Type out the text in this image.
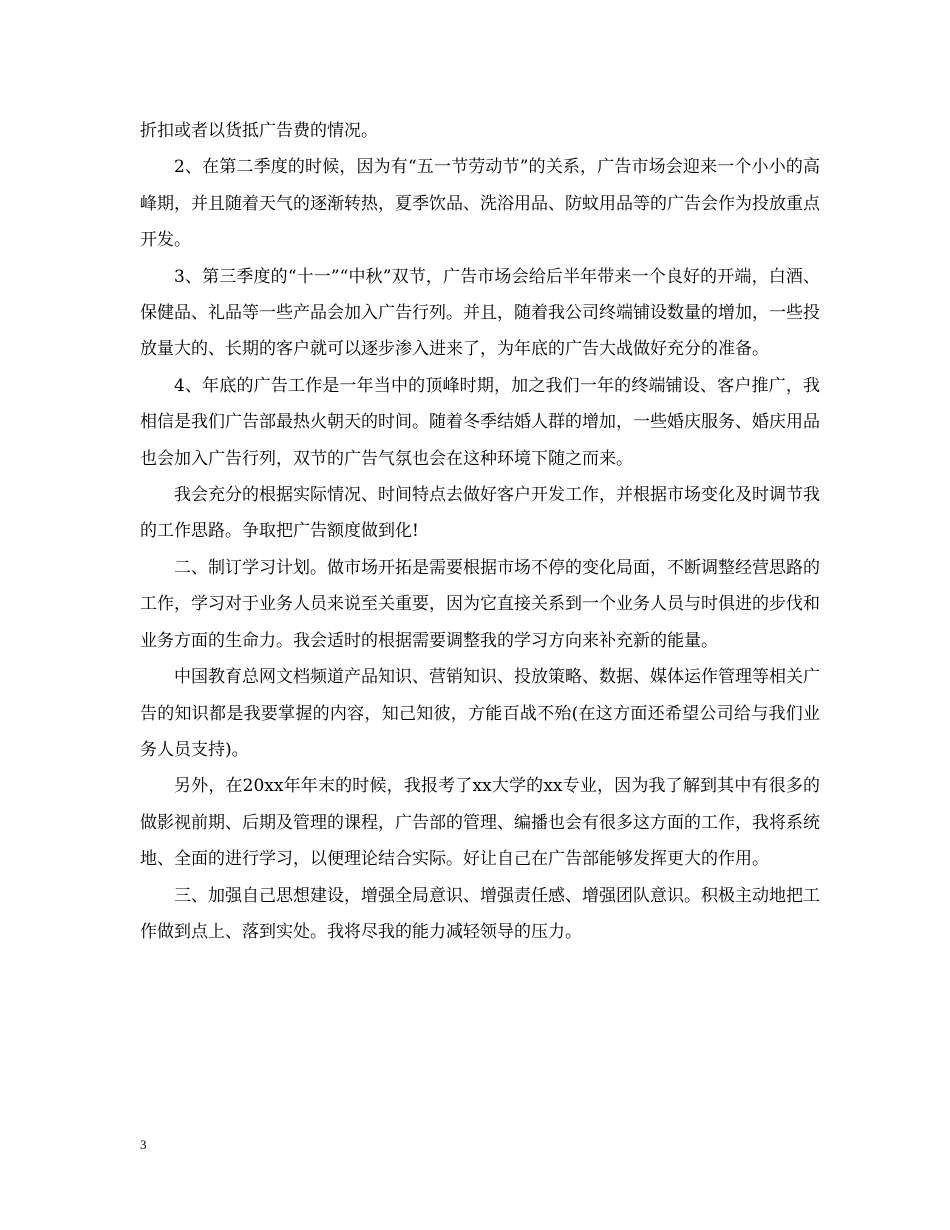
折扣或者以货抵广告费的情况。

2、在第二季度的时候，因为有“五一节劳动节”的关系，广告市场会迎来一个小小的高峰期，并且随着天气的逐渐转热，夏季饮品、洗浴用品、防蚊用品等的广告会作为投放重点开发。

3、第三季度的“十一”“中秋”双节，广告市场会给后半年带来一个良好的开端，白酒、保健品、礼品等一些产品会加入广告行列。并且，随着我公司终端铺设数量的增加，一些投放量大的、长期的客户就可以逐步渗入进来了，为年底的广告大战做好充分的准备。

4、年底的广告工作是一年当中的顶峰时期，加之我们一年的终端铺设、客户推广，我相信是我们广告部最热火朝天的时间。随着冬季结婚人群的增加，一些婚庆服务、婚庆用品也会加入广告行列，双节的广告气氛也会在这种环境下随之而来。

我会充分的根据实际情况、时间特点去做好客户开发工作，并根据市场变化及时调节我的工作思路。争取把广告额度做到化!

二、制订学习计划。做市场开拓是需要根据市场不停的变化局面，不断调整经营思路的工作，学习对于业务人员来说至关重要，因为它直接关系到一个业务人员与时俱进的步伐和业务方面的生命力。我会适时的根据需要调整我的学习方向来补充新的能量。

中国教育总网文档频道产品知识、营销知识、投放策略、数据、媒体运作管理等相关广告的知识都是我要掌握的内容，知己知彼，方能百战不殆(在这方面还希望公司给与我们业务人员支持)。

另外，在20xx年年末的时候，我报考了xx大学的xx专业，因为我了解到其中有很多的做影视前期、后期及管理的课程，广告部的管理、编播也会有很多这方面的工作，我将系统地、全面的进行学习，以便理论结合实际。好让自己在广告部能够发挥更大的作用。

三、加强自己思想建设，增强全局意识、增强责任感、增强团队意识。积极主动地把工作做到点上、落到实处。我将尽我的能力减轻领导的压力。

3
